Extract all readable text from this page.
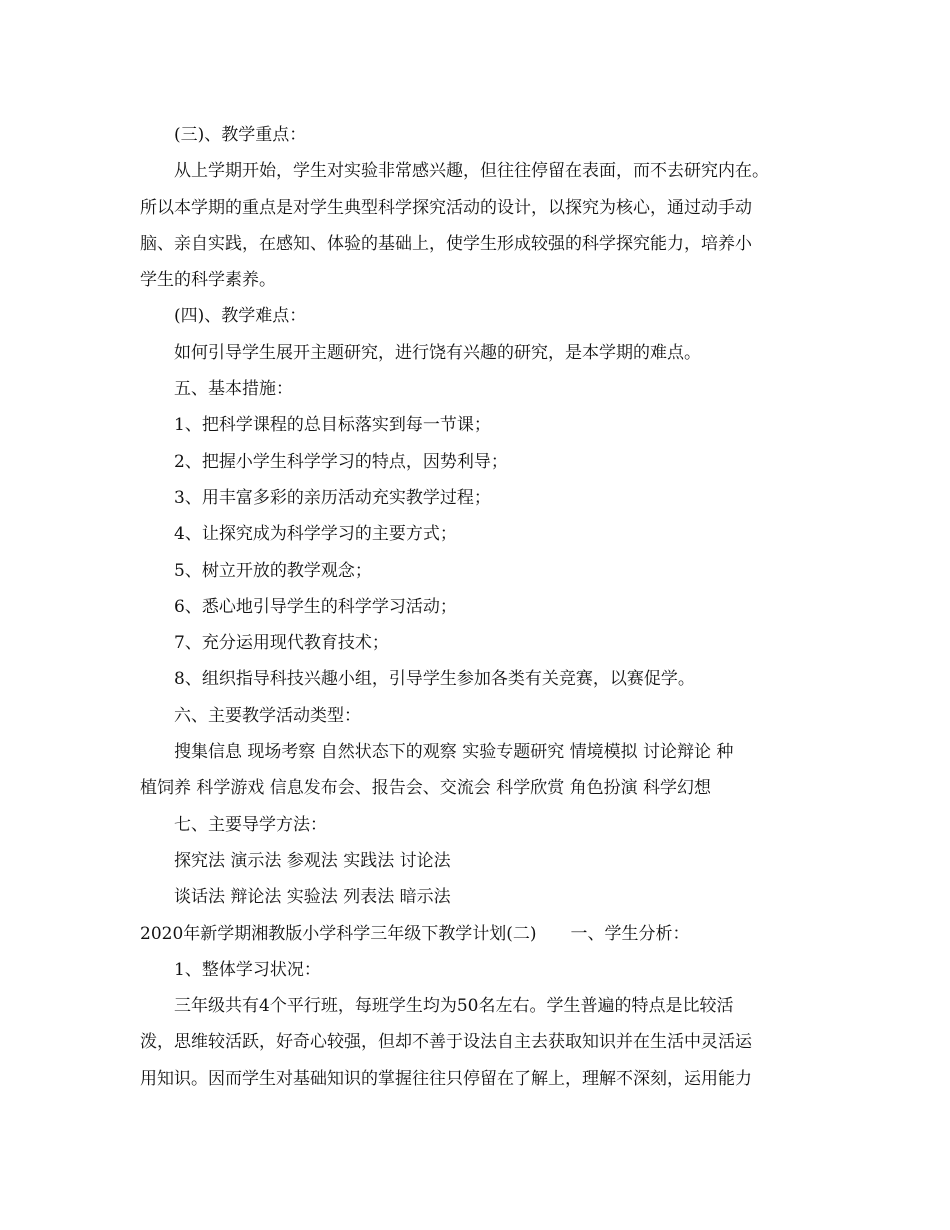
(三)、教学重点：
从上学期开始，学生对实验非常感兴趣，但往往停留在表面，而不去研究内在。
所以本学期的重点是对学生典型科学探究活动的设计，以探究为核心，通过动手动
脑、亲自实践，在感知、体验的基础上，使学生形成较强的科学探究能力，培养小
学生的科学素养。
(四)、教学难点：
如何引导学生展开主题研究，进行饶有兴趣的研究，是本学期的难点。
五、基本措施：
1、把科学课程的总目标落实到每一节课；
2、把握小学生科学学习的特点，因势利导；
3、用丰富多彩的亲历活动充实教学过程；
4、让探究成为科学学习的主要方式；
5、树立开放的教学观念；
6、悉心地引导学生的科学学习活动；
7、充分运用现代教育技术；
8、组织指导科技兴趣小组，引导学生参加各类有关竞赛，以赛促学。
六、主要教学活动类型：
搜集信息 现场考察 自然状态下的观察 实验专题研究 情境模拟 讨论辩论 种
植饲养 科学游戏 信息发布会、报告会、交流会 科学欣赏 角色扮演 科学幻想
七、主要导学方法：
探究法 演示法 参观法 实践法 讨论法
谈话法 辩论法 实验法 列表法 暗示法
2020年新学期湘教版小学科学三年级下教学计划(二)　　一、学生分析：
1、整体学习状况：
三年级共有4个平行班，每班学生均为50名左右。学生普遍的特点是比较活
泼，思维较活跃，好奇心较强，但却不善于设法自主去获取知识并在生活中灵活运
用知识。因而学生对基础知识的掌握往往只停留在了解上，理解不深刻，运用能力
